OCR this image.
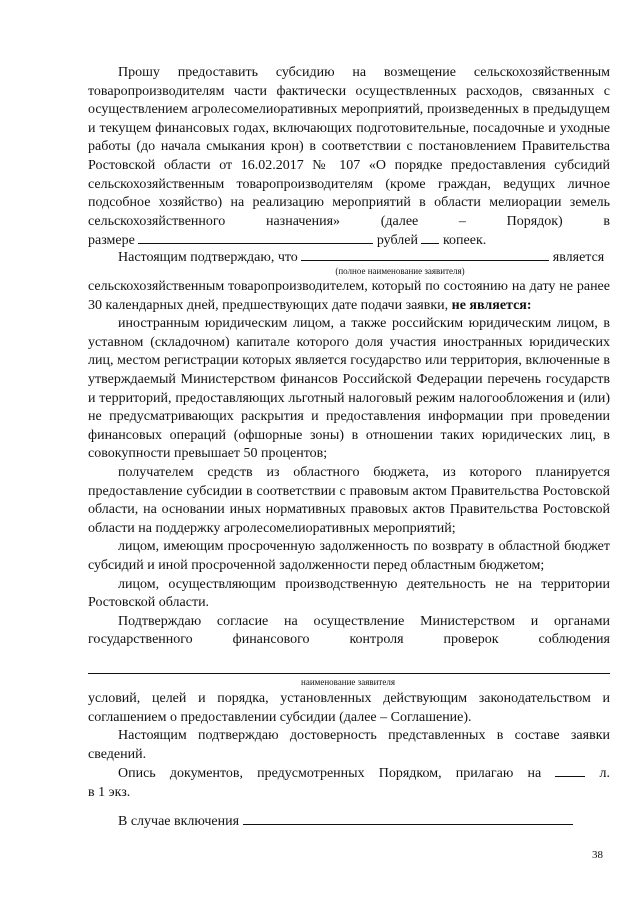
Прошу предоставить субсидию на возмещение сельскохозяйственным товаропроизводителям части фактически осуществленных расходов, связанных с осуществлением агролесомелиоративных мероприятий, произведенных в предыдущем и текущем финансовых годах, включающих подготовительные, посадочные и уходные работы (до начала смыкания крон) в соответствии с постановлением Правительства Ростовской области от 16.02.2017 № 107 «О порядке предоставления субсидий сельскохозяйственным товаропроизводителям (кроме граждан, ведущих личное подсобное хозяйство) на реализацию мероприятий в области мелиорации земель сельскохозяйственного назначения» (далее – Порядок) в

размере	рублей копеек.

Настоящим подтверждаю, что	является

(полное наименование заявителя)

сельскохозяйственным товаропроизводителем, который по состоянию на дату не ранее 30 календарных дней, предшествующих дате подачи заявки, не является:

иностранным юридическим лицом, а также российским юридическим лицом, в уставном (складочном) капитале которого доля участия иностранных юридических лиц, местом регистрации которых является государство или территория, включенные в утверждаемый Министерством финансов Российской Федерации перечень государств и территорий, предоставляющих льготный налоговый режим налогообложения и (или) не предусматривающих раскрытия и предоставления информации при проведении финансовых операций (офшорные зоны) в отношении таких юридических лиц, в совокупности превышает 50 процентов;

получателем средств из областного бюджета, из которого планируется предоставление субсидии в соответствии с правовым актом Правительства Ростовской области, на основании иных нормативных правовых актов Правительства Ростовской области на поддержку агролесомелиоративных мероприятий;

лицом, имеющим просроченную задолженность по возврату в областной бюджет субсидий и иной просроченной задолженности перед областным бюджетом;

лицом, осуществляющим производственную деятельность не на территории Ростовской области.

Подтверждаю согласие на осуществление Министерством и органами государственного финансового контроля проверок соблюдения

наименование заявителя

условий, целей и порядка, установленных действующим законодательством и соглашением о предоставлении субсидии (далее – Соглашение).

Настоящим подтверждаю достоверность представленных в составе заявки сведений.

Опись документов, предусмотренных Порядком, прилагаю на	л.

в 1 экз.

В случае включения

38
